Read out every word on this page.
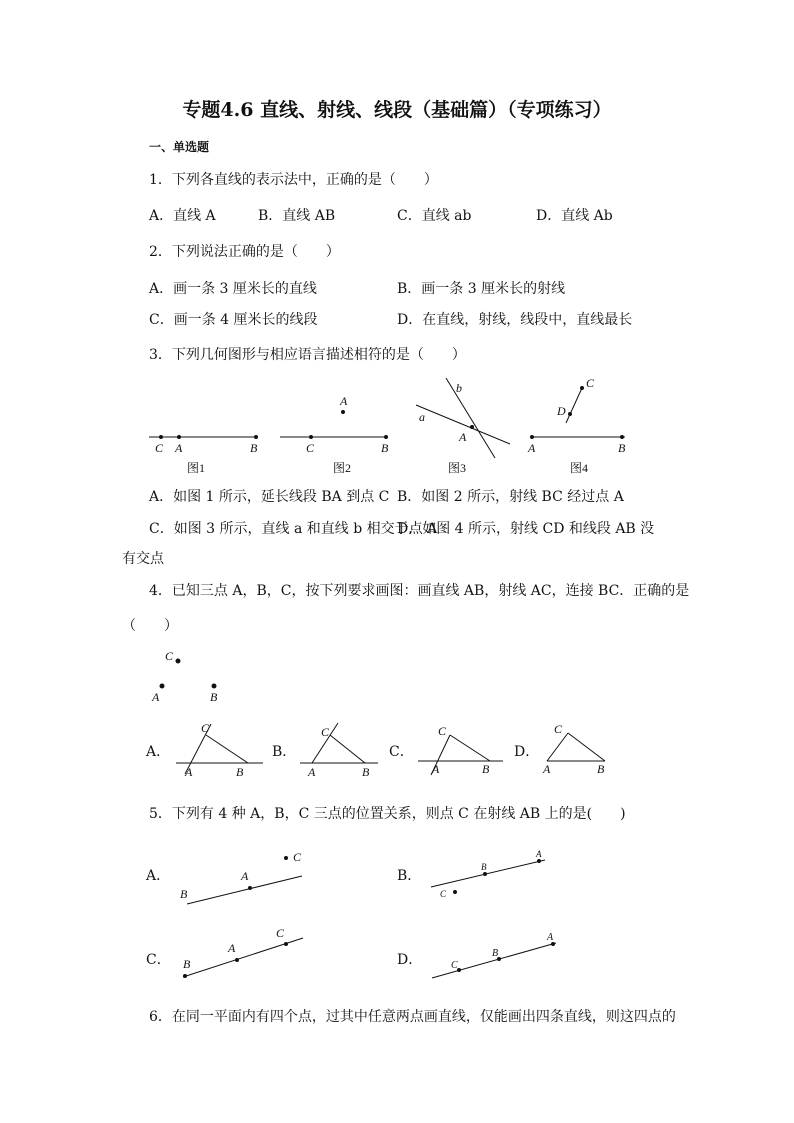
专题4.6 直线、射线、线段（基础篇）（专项练习）
一、单选题
1．下列各直线的表示法中，正确的是（　　）
A．直线 A	B．直线 AB	C．直线 ab	D．直线 Ab
2．下列说法正确的是（　　）
A．画一条 3 厘米长的直线	B．画一条 3 厘米长的射线
C．画一条 4 厘米长的线段	D．在直线，射线，线段中，直线最长
3．下列几何图形与相应语言描述相符的是（　　）
C A	B
图1
A
C	B
图2
b
a
A
图3
C
D
A	B
图4
A．如图 1 所示，延长线段 BA 到点 C B．如图 2 所示，射线 BC 经过点 A
C．如图 3 所示，直线 a 和直线 b 相交于点 A
D．如图 4 所示，射线 CD 和线段 AB 没
有交点
4．已知三点 A，B，C，按下列要求画图：画直线 AB，射线 AC，连接 BC．正确的是
（　　）
C
A	B
C
A	B
C
A	B
C
A	B
C
A	B
A．	B．	C．	D．
5．下列有 4 种 A，B，C 三点的位置关系，则点 C 在射线 AB 上的是(　　)
B
A
C
B
A
C
B
A
C
C
B
A
A．	B．
C．	D．
6．在同一平面内有四个点，过其中任意两点画直线，仅能画出四条直线，则这四点的
